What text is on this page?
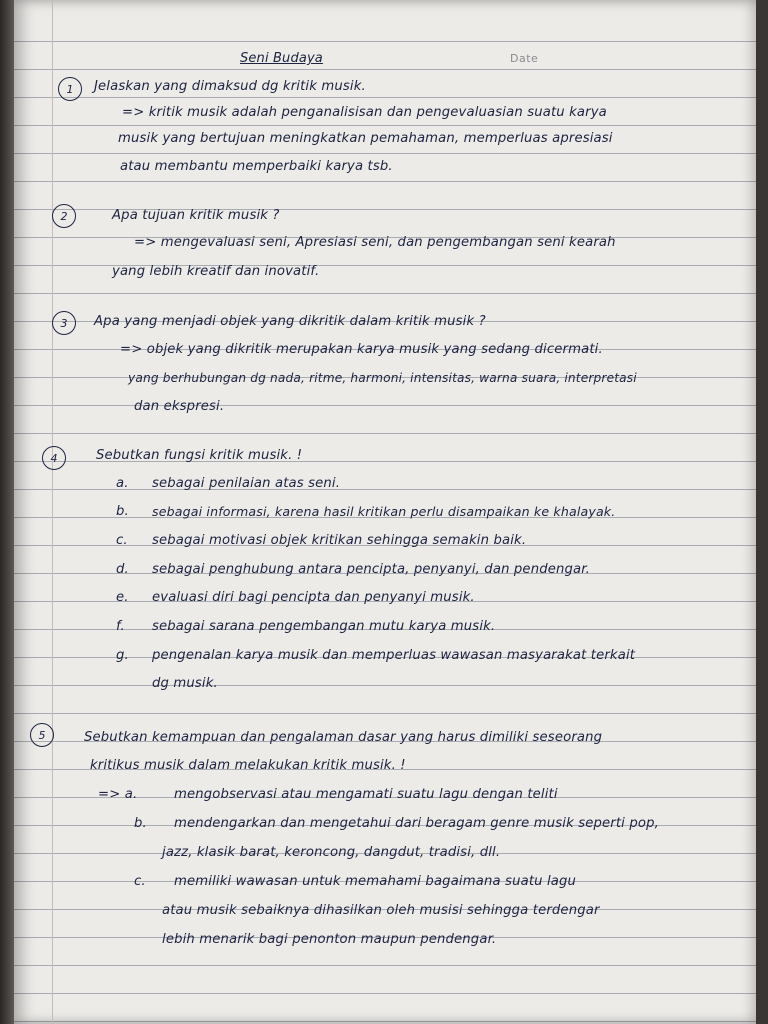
Seni Budaya	Date
1 Jelaskan yang dimaksud dg kritik musik.
=> kritik musik adalah penganalisisan dan pengevaluasian suatu karya
musik yang bertujuan meningkatkan pemahaman, memperluas apresiasi
atau membantu memperbaiki karya tsb.
2	Apa tujuan kritik musik ?
=> mengevaluasi seni, Apresiasi seni, dan pengembangan seni kearah
yang lebih kreatif dan inovatif.
3 Apa yang menjadi objek yang dikritik dalam kritik musik ?
=> objek yang dikritik merupakan karya musik yang sedang dicermati.
yang berhubungan dg nada, ritme, harmoni, intensitas, warna suara, interpretasi
dan ekspresi.
4	Sebutkan fungsi kritik musik. !
a. sebagai penilaian atas seni.
b. sebagai informasi, karena hasil kritikan perlu disampaikan ke khalayak.
c. sebagai motivasi objek kritikan sehingga semakin baik.
d. sebagai penghubung antara pencipta, penyanyi, dan pendengar.
e. evaluasi diri bagi pencipta dan penyanyi musik.
f. sebagai sarana pengembangan mutu karya musik.
g. pengenalan karya musik dan memperluas wawasan masyarakat terkait
dg musik.
5	Sebutkan kemampuan dan pengalaman dasar yang harus dimiliki seseorang
kritikus musik dalam melakukan kritik musik. !
=> a.	mengobservasi atau mengamati suatu lagu dengan teliti
b. mendengarkan dan mengetahui dari beragam genre musik seperti pop,
jazz, klasik barat, keroncong, dangdut, tradisi, dll.
c. memiliki wawasan untuk memahami bagaimana suatu lagu
atau musik sebaiknya dihasilkan oleh musisi sehingga terdengar
lebih menarik bagi penonton maupun pendengar.
